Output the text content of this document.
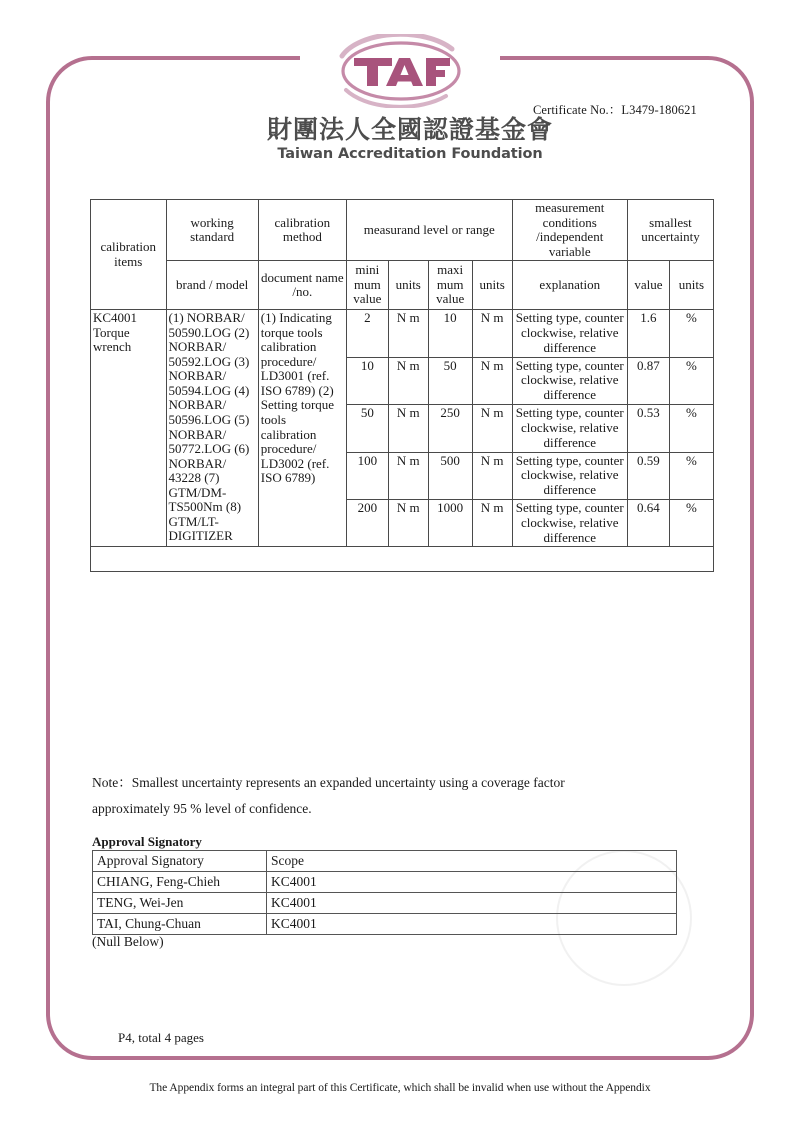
Certificate No.：L3479-180621
財團法人全國認證基金會
Taiwan Accreditation Foundation
calibration items	working standard	calibration method	measurand level or range				measurement conditions /independent variable	smallest uncertainty	
	brand / model	document name /no.	mini mum value	units	maxi mum value	units	explanation	value	units
KC4001 Torque wrench	(1) NORBAR/ 50590.LOG (2) NORBAR/ 50592.LOG (3) NORBAR/ 50594.LOG (4) NORBAR/ 50596.LOG (5) NORBAR/ 50772.LOG (6) NORBAR/ 43228 (7) GTM/DM-TS500Nm (8) GTM/LT-DIGITIZER	(1) Indicating torque tools calibration procedure/ LD3001 (ref. ISO 6789) (2) Setting torque tools calibration procedure/ LD3002 (ref. ISO 6789)	2	N m	10	N m	Setting type, counter clockwise, relative difference	1.6	%
			10	N m	50	N m	Setting type, counter clockwise, relative difference	0.87	%
			50	N m	250	N m	Setting type, counter clockwise, relative difference	0.53	%
			100	N m	500	N m	Setting type, counter clockwise, relative difference	0.59	%
			200	N m	1000	N m	Setting type, counter clockwise, relative difference	0.64	%

Note：Smallest uncertainty represents an expanded uncertainty using a coverage factor
approximately 95 % level of confidence.
Approval Signatory
Approval Signatory	Scope
CHIANG, Feng-Chieh	KC4001
TENG, Wei-Jen	KC4001
TAI, Chung-Chuan	KC4001
(Null Below)
P4, total 4 pages
The Appendix forms an integral part of this Certificate, which shall be invalid when use without the Appendix
